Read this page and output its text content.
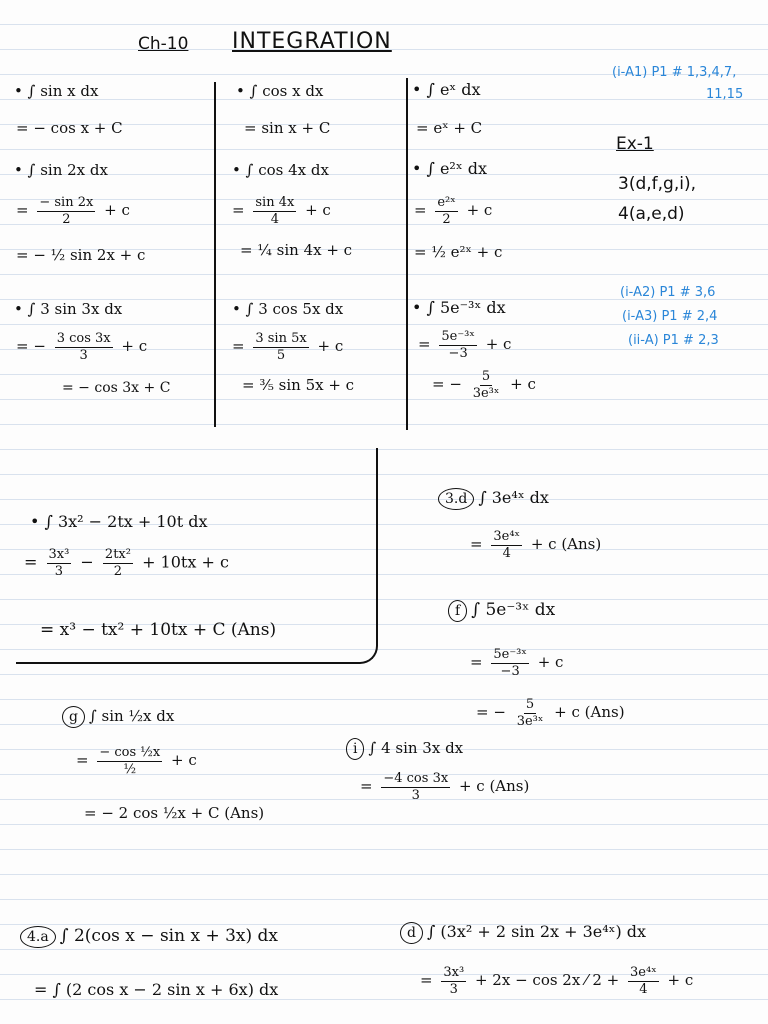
Ch-10 INTEGRATION
• ∫ sin x dx
= − cos x + C
• ∫ sin 2x dx
= $\frac{- \sin 2x}{2} + c$
= − ½ sin 2x + c
• ∫ 3 sin 3x dx
= − $\frac{3 \cos 3x}{3} + c$
= − cos 3x + C
• ∫ cos x dx
= sin x + C
• ∫ cos 4x dx
= $\frac{\sin 4x}{4} + c$
= ¼ sin 4x + c
• ∫ 3 cos 5x dx
= $\frac{3 \sin 5x}{5} + c$
= ⅗ sin 5x + c
• ∫ eˣ dx
= eˣ + C
• ∫ e²ˣ dx
= $\frac{\text{e²ˣ}}{2} + c$
= ½ e²ˣ + c
• ∫ 5e⁻³ˣ dx
= $\frac{\text{5e⁻³ˣ}}{-3} + c$
= − $\frac{5}{\text{3e³ˣ}} + c$
(i-A1) P1 # 1,3,4,7,
11,15
Ex-1
3(d,f,g,i),
4(a,e,d)
(i-A2) P1 # 3,6
(i-A3) P1 # 2,4
(ii-A) P1 # 2,3
• ∫ 3x² − 2tx + 10t dx
= $\frac{\text{3x³}}{3} - \frac{\text{2tx²}}{2} + 10tx + c$
= x³ − tx² + 10tx + C (Ans)
3.d ∫ 3e⁴ˣ dx
= $\frac{\text{3e⁴ˣ}}{4} + c$ (Ans)
f ∫ 5e⁻³ˣ dx
= $\frac{\text{5e⁻³ˣ}}{-3} + c$
= − $\frac{5}{\text{3e³ˣ}} + c$ (Ans)
g ∫ sin ½x dx
= $\frac{\text{− cos ½x}}{\text{½}} + c$
= − 2 cos ½x + C (Ans)
i ∫ 4 sin 3x dx
= $\frac{-4 \cos 3x}{3} + c$ (Ans)
4.a ∫ 2(cos x − sin x + 3x) dx
= ∫ (2 cos x − 2 sin x + 6x) dx
d ∫ (3x² + 2 sin 2x + 3e⁴ˣ) dx
= $\frac{\text{3x³}}{3} + 2x - \cos 2x$ ⁄ $2 + \frac{\text{3e⁴ˣ}}{4} + c$
